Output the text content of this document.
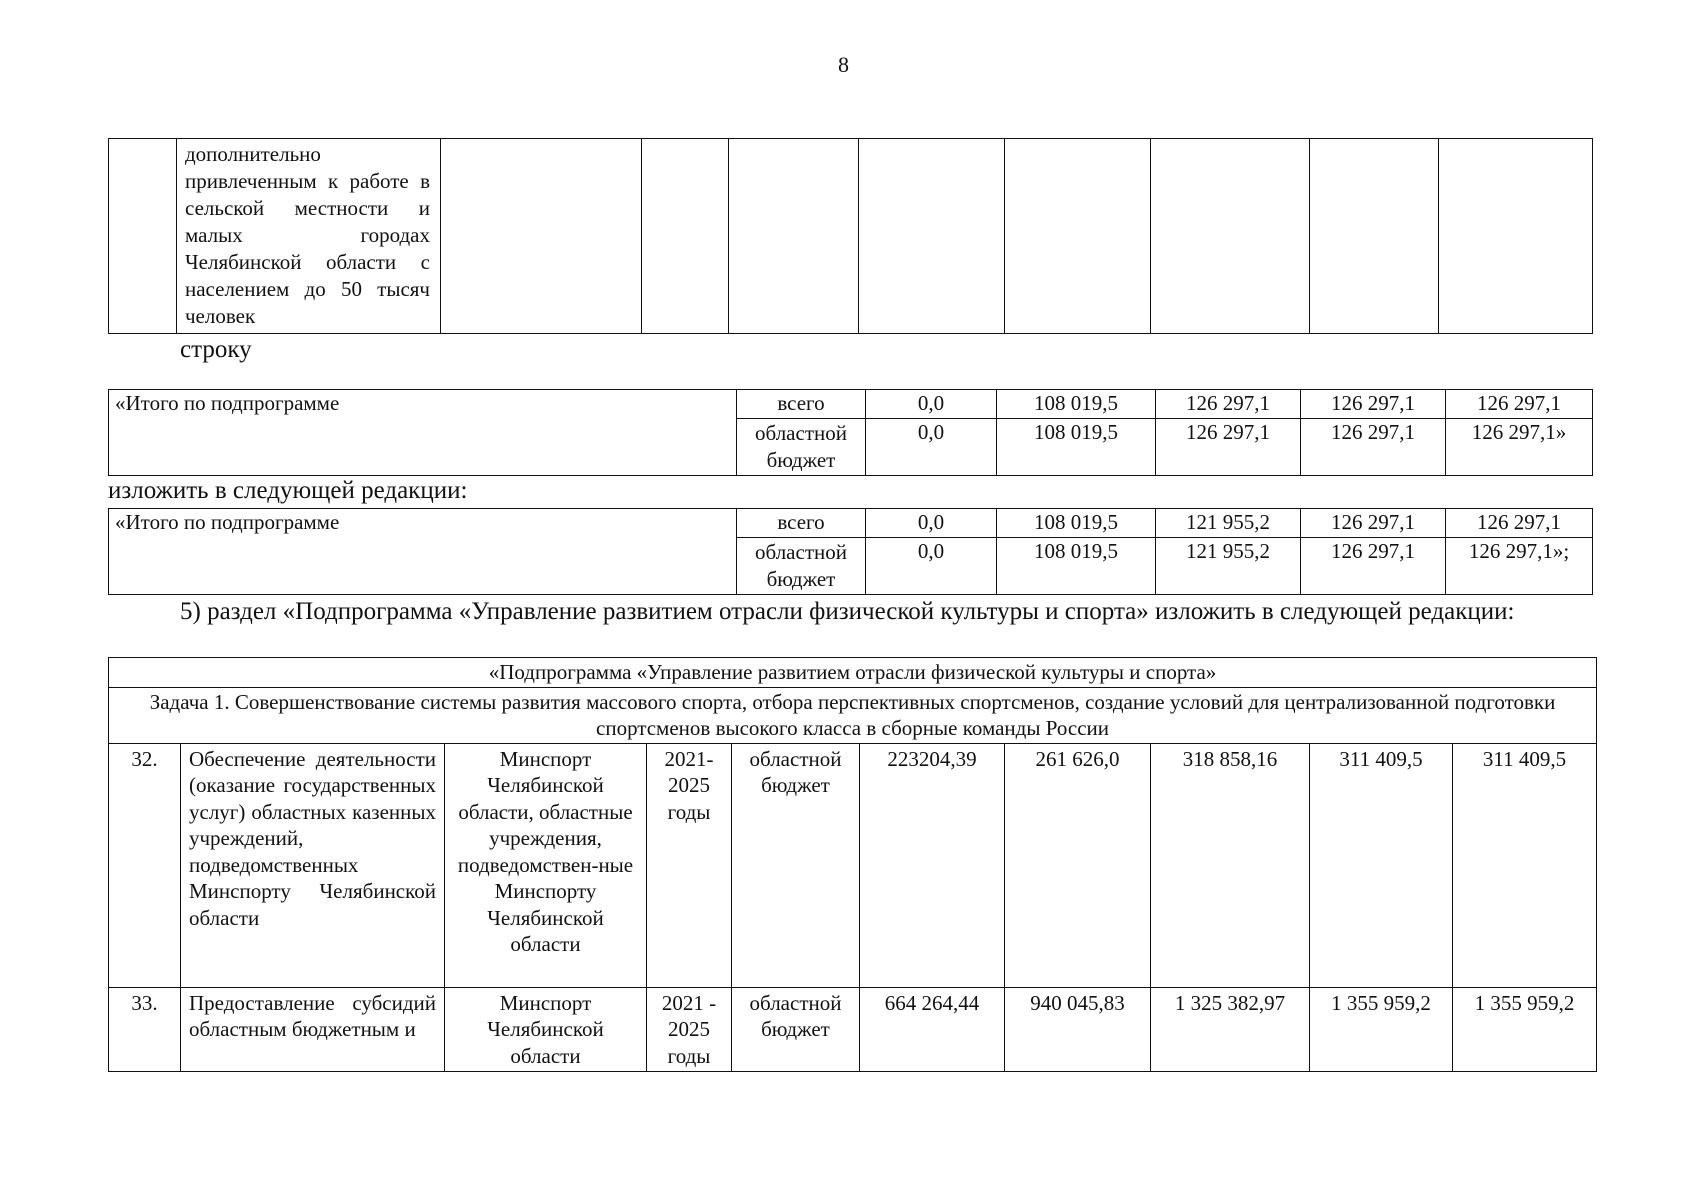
8
	дополнительно привлеченным к работе в сельской местности и малых городах Челябинской области с населением до 50 тысяч человек								
строку
«Итого по подпрограмме	всего	0,0	108 019,5	126 297,1	126 297,1	126 297,1
	областной бюджет	0,0	108 019,5	126 297,1	126 297,1	126 297,1»
изложить в следующей редакции:
«Итого по подпрограмме	всего	0,0	108 019,5	121 955,2	126 297,1	126 297,1
	областной бюджет	0,0	108 019,5	121 955,2	126 297,1	126 297,1»;
5) раздел «Подпрограмма «Управление развитием отрасли физической культуры и спорта» изложить в следующей редакции:
«Подпрограмма «Управление развитием отрасли физической культуры и спорта»									
Задача 1. Совершенствование системы развития массового спорта, отбора перспективных спортсменов, создание условий для централизованной подготовки спортсменов высокого класса в сборные команды России									
32.	Обеспечение деятельности (оказание государственных услуг) областных казенных учреждений, подведомственных Минспорту Челябинской области	Минспорт Челябинской области, областные учреждения, подведомствен-ные Минспорту Челябинской области	2021-2025 годы	областной бюджет	223204,39	261 626,0	318 858,16	311 409,5	311 409,5
33.	Предоставление субсидий областным бюджетным и	Минспорт Челябинской области	2021 - 2025 годы	областной бюджет	664 264,44	940 045,83	1 325 382,97	1 355 959,2	1 355 959,2
